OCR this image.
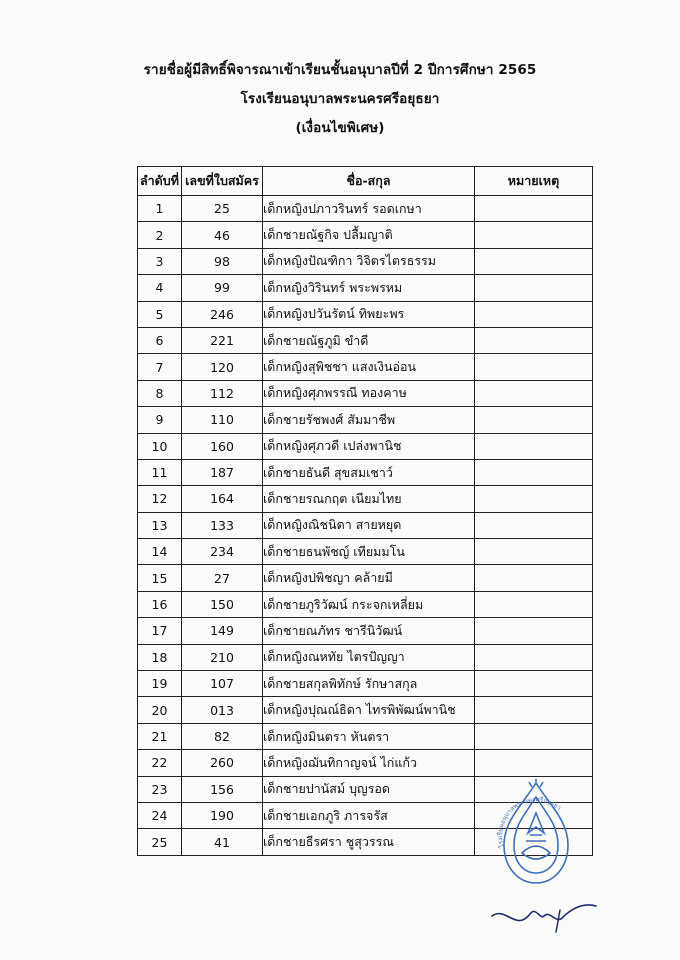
รายชื่อผู้มีสิทธิ์พิจารณาเข้าเรียนชั้นอนุบาลปีที่ 2 ปีการศึกษา 2565
โรงเรียนอนุบาลพระนครศรีอยุธยา
(เงื่อนไขพิเศษ)
ลำดับที่	เลขที่ใบสมัคร	ชื่อ-สกุล	หมายเหตุ
1	25	เด็กหญิงปภาวรินทร์ รอดเกษา	
2	46	เด็กชายณัฐกิจ ปลื้มญาติ	
3	98	เด็กหญิงปัณฑิกา วิจิตรไตรธรรม	
4	99	เด็กหญิงวิรินทร์ พระพรหม	
5	246	เด็กหญิงปวันรัตน์ ทิพยะพร	
6	221	เด็กชายณัฐภูมิ ขำดี	
7	120	เด็กหญิงสุพิชชา แสงเงินอ่อน	
8	112	เด็กหญิงศุภพรรณี ทองคาษ	
9	110	เด็กชายรัชพงศ์ สัมมาชีพ	
10	160	เด็กหญิงศุภวดี เปล่งพานิช	
11	187	เด็กชายธันดี สุขสมเชาว์	
12	164	เด็กชายรณกฤต เนียมไทย	
13	133	เด็กหญิงณิชนิดา สายหยุด	
14	234	เด็กชายธนพัชญ์ เทียมมโน	
15	27	เด็กหญิงปพิชญา คล้ายมี	
16	150	เด็กชายภูริวัฒน์ กระจกเหลี่ยม	
17	149	เด็กชายณภัทร ชารีนิวัฒน์	
18	210	เด็กหญิงณหทัย ไตรปัญญา	
19	107	เด็กชายสกุลพิทักษ์ รักษาสกุล	
20	013	เด็กหญิงปุณณ์ธิดา ไทรพิพัฒน์พานิช	
21	82	เด็กหญิงมินตรา หันตรา	
22	260	เด็กหญิงฌันทิกาญจน์ ไก่แก้ว	
23	156	เด็กชายปานัสม์ บุญรอด	
24	190	เด็กชายเอกภูริ ภารจรัส	
25	41	เด็กชายธีรศรา ชูสุวรรณ		โรงเรียนอนุบาลพระนครศรีอยุธยา
